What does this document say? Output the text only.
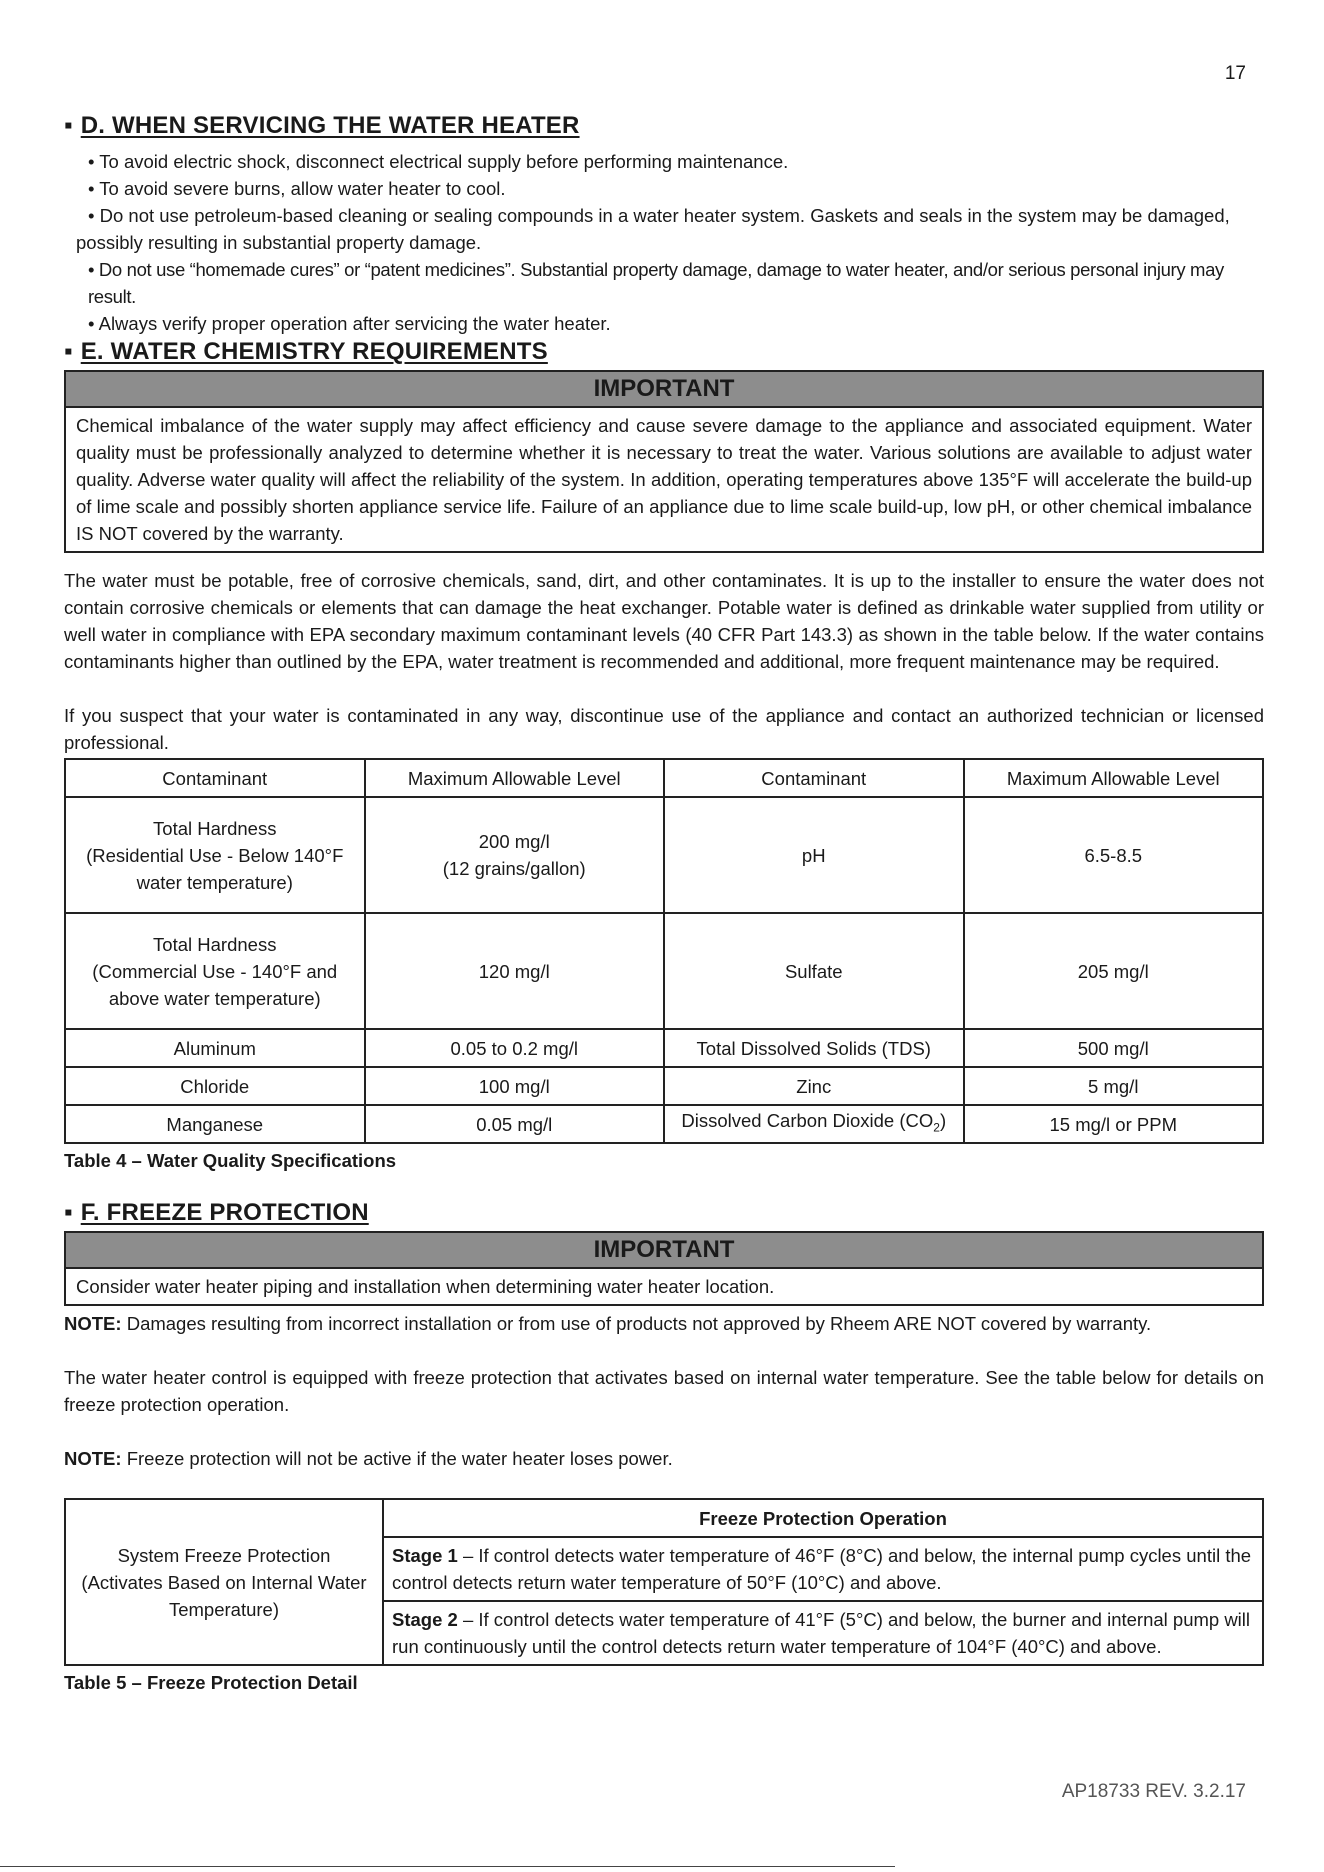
17
▪ D. WHEN SERVICING THE WATER HEATER
• To avoid electric shock, disconnect electrical supply before performing maintenance.
• To avoid severe burns, allow water heater to cool.
• Do not use petroleum-based cleaning or sealing compounds in a water heater system. Gaskets and seals in the system may be damaged,
possibly resulting in substantial property damage.
• Do not use “homemade cures” or “patent medicines”. Substantial property damage, damage to water heater, and/or serious personal injury may result.
• Always verify proper operation after servicing the water heater.
▪ E. WATER CHEMISTRY REQUIREMENTS
IMPORTANT
Chemical imbalance of the water supply may affect efficiency and cause severe damage to the appliance and associated equipment. Water quality must be professionally analyzed to determine whether it is necessary to treat the water. Various solutions are available to adjust water quality. Adverse water quality will affect the reliability of the system. In addition, operating temperatures above 135°F will accelerate the build-up of lime scale and possibly shorten appliance service life. Failure of an appliance due to lime scale build-up, low pH, or other chemical imbalance IS NOT covered by the warranty.

The water must be potable, free of corrosive chemicals, sand, dirt, and other contaminates. It is up to the installer to ensure the water does not contain corrosive chemicals or elements that can damage the heat exchanger. Potable water is defined as drinkable water supplied from utility or well water in compliance with EPA secondary maximum contaminant levels (40 CFR Part 143.3) as shown in the table below. If the water contains contaminants higher than outlined by the EPA, water treatment is recommended and additional, more frequent maintenance may be required.

If you suspect that your water is contaminated in any way, discontinue use of the appliance and contact an authorized technician or licensed professional.

Contaminant	Maximum Allowable Level	Contaminant	Maximum Allowable Level
Total Hardness
(Residential Use - Below 140°F
water temperature)	200 mg/l
(12 grains/gallon)	pH	6.5-8.5
Total Hardness
(Commercial Use - 140°F and
above water temperature)	120 mg/l	Sulfate	205 mg/l
Aluminum	0.05 to 0.2 mg/l	Total Dissolved Solids (TDS)	500 mg/l
Chloride	100 mg/l	Zinc	5 mg/l
Manganese	0.05 mg/l	Dissolved Carbon Dioxide $(CO_2)$	15 mg/l or PPM
Table 4 – Water Quality Specifications
▪ F. FREEZE PROTECTION
IMPORTANT
Consider water heater piping and installation when determining water heater location.

NOTE: Damages resulting from incorrect installation or from use of products not approved by Rheem ARE NOT covered by warranty.

The water heater control is equipped with freeze protection that activates based on internal water temperature. See the table below for details on freeze protection operation.

NOTE: Freeze protection will not be active if the water heater loses power.

System Freeze Protection
(Activates Based on Internal Water
Temperature)	Freeze Protection Operation
Stage 1 – If control detects water temperature of 46°F (8°C) and below, the internal pump cycles until the control detects return water temperature of 50°F (10°C) and above.
Stage 2 – If control detects water temperature of 41°F (5°C) and below, the burner and internal pump will run continuously until the control detects return water temperature of 104°F (40°C) and above.
Table 5 – Freeze Protection Detail
AP18733 REV. 3.2.17
